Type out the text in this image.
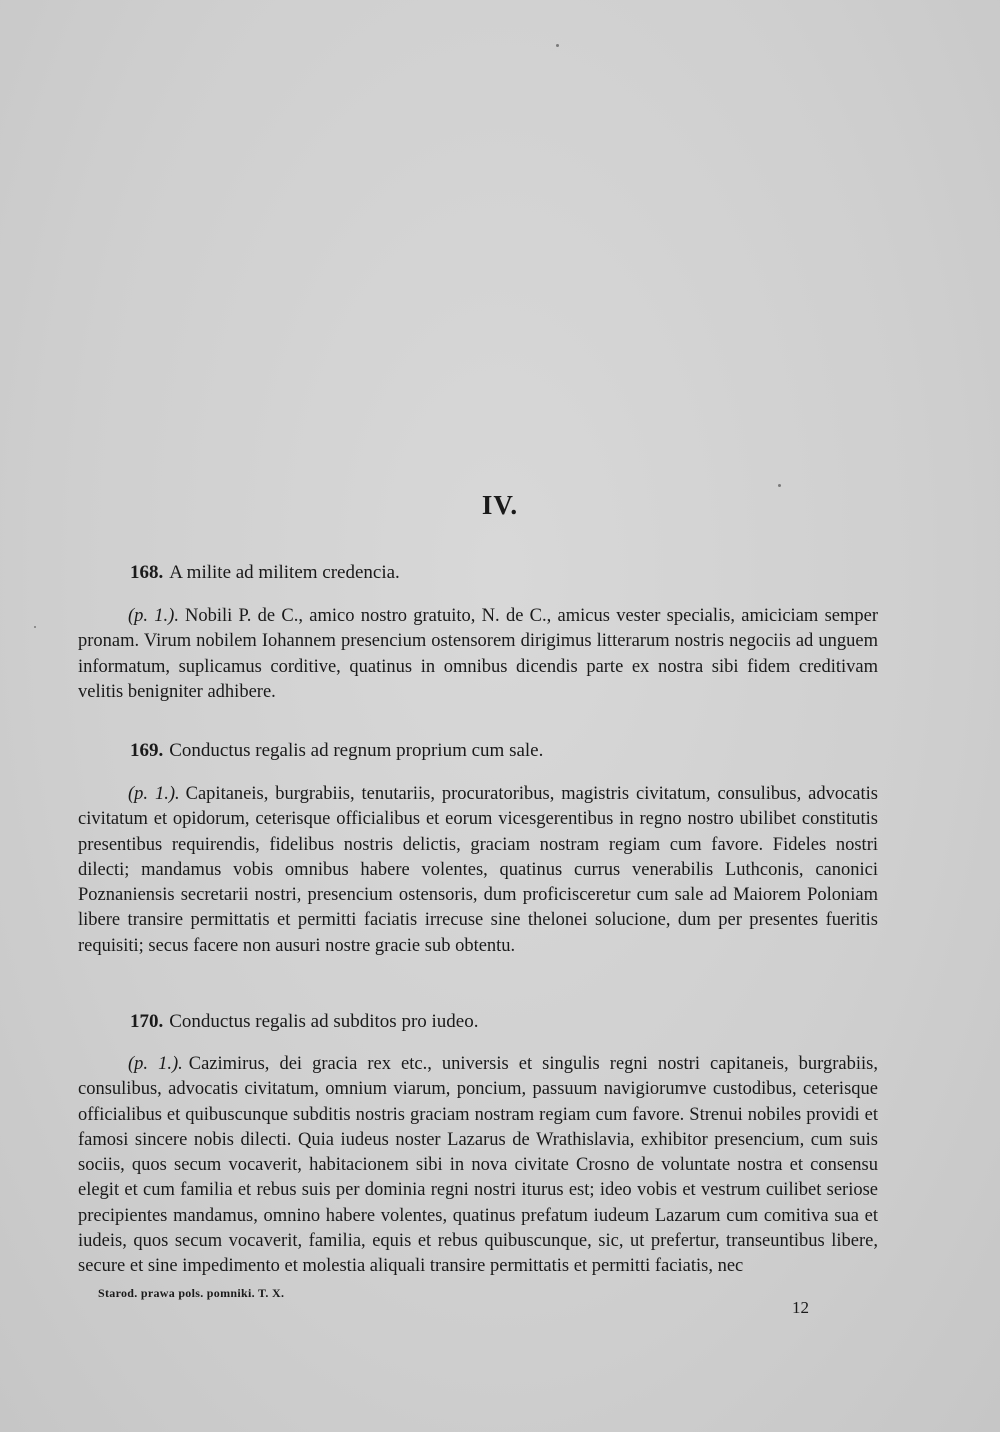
IV.
168. A milite ad militem credencia.
(p. 1.). Nobili P. de C., amico nostro gratuito, N. de C., amicus vester specialis, amiciciam semper pronam. Virum nobilem Iohannem presencium ostensorem dirigimus litterarum nostris negociis ad unguem informatum, suplicamus corditive, quatinus in omnibus dicendis parte ex nostra sibi fidem creditivam velitis benigniter adhibere.
169. Conductus regalis ad regnum proprium cum sale.
(p. 1.). Capitaneis, burgrabiis, tenutariis, procuratoribus, magistris civitatum, consulibus, advocatis civitatum et opidorum, ceterisque officialibus et eorum vicesgerentibus in regno nostro ubilibet constitutis presentibus requirendis, fidelibus nostris delictis, graciam nostram regiam cum favore. Fideles nostri dilecti; mandamus vobis omnibus habere volentes, quatinus currus venerabilis Luthconis, canonici Poznaniensis secretarii nostri, presencium ostensoris, dum proficisceretur cum sale ad Maiorem Poloniam libere transire permittatis et permitti faciatis irrecuse sine thelonei solucione, dum per presentes fueritis requisiti; secus facere non ausuri nostre gracie sub obtentu.
170. Conductus regalis ad subditos pro iudeo.
(p. 1.). Cazimirus, dei gracia rex etc., universis et singulis regni nostri capitaneis, burgrabiis, consulibus, advocatis civitatum, omnium viarum, poncium, passuum navigiorumve custodibus, ceterisque officialibus et quibuscunque subditis nostris graciam nostram regiam cum favore. Strenui nobiles providi et famosi sincere nobis dilecti. Quia iudeus noster Lazarus de Wrathislavia, exhibitor presencium, cum suis sociis, quos secum vocaverit, habitacionem sibi in nova civitate Crosno de voluntate nostra et consensu elegit et cum familia et rebus suis per dominia regni nostri iturus est; ideo vobis et vestrum cuilibet seriose precipientes mandamus, omnino habere volentes, quatinus prefatum iudeum Lazarum cum comitiva sua et iudeis, quos secum vocaverit, familia, equis et rebus quibuscunque, sic, ut prefertur, transeuntibus libere, secure et sine impedimento et molestia aliquali transire permittatis et permitti faciatis, nec
Starod. prawa pols. pomniki. T. X.
12
